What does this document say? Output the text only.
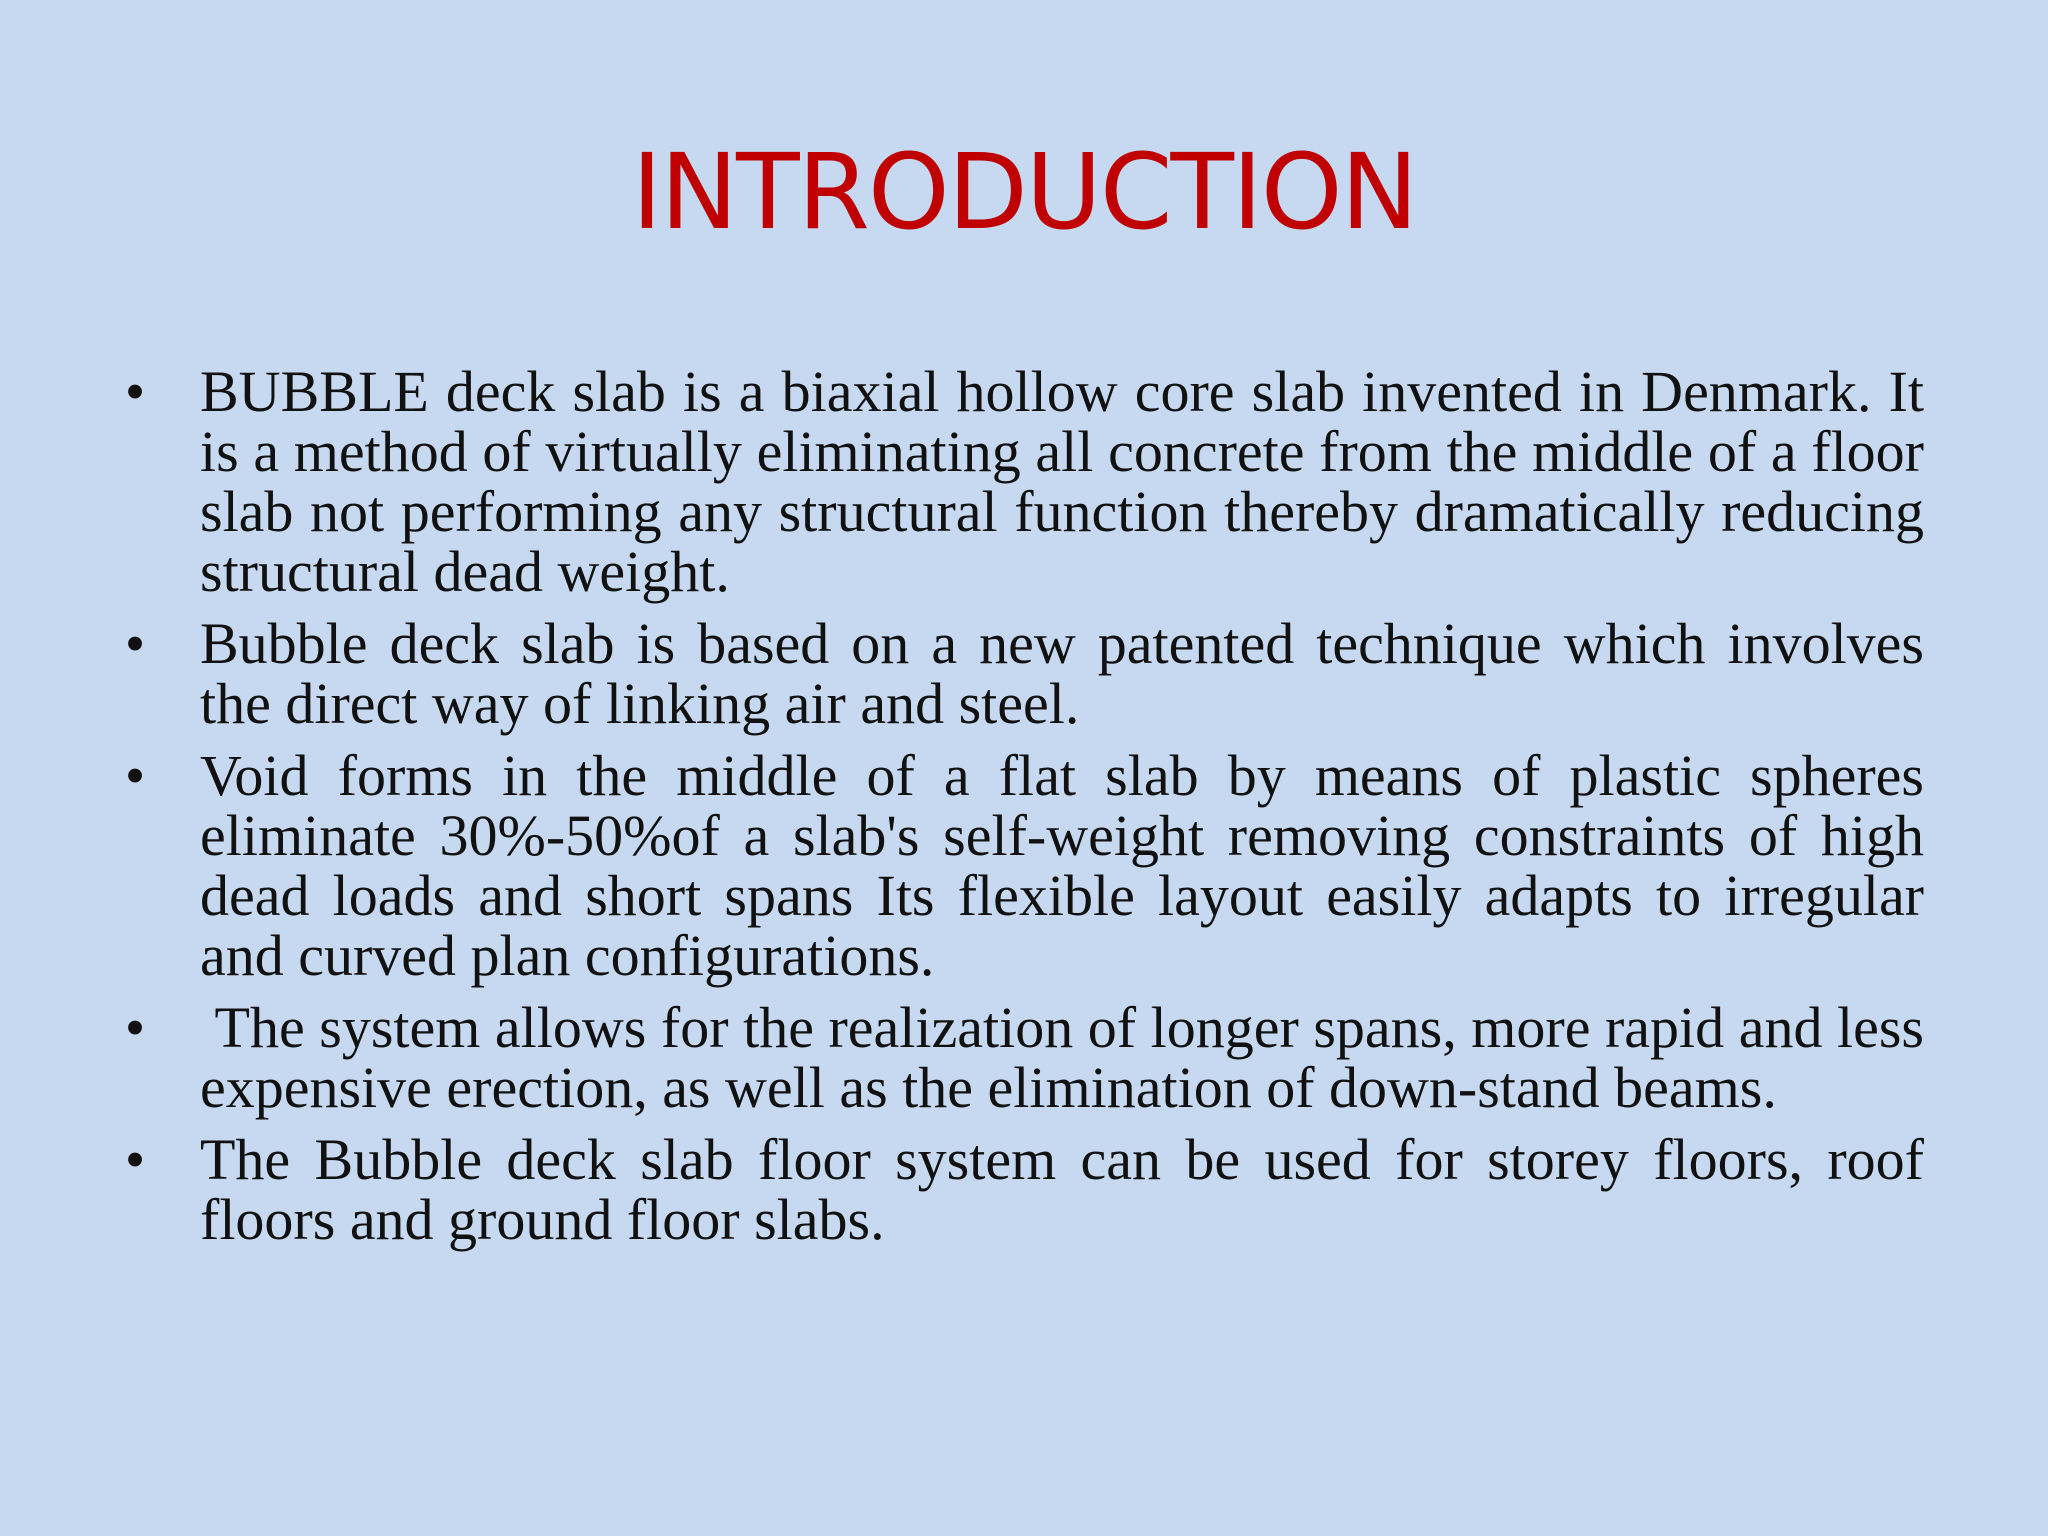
INTRODUCTION
• BUBBLE deck slab is a biaxial hollow core slab invented in Denmark. It is a method of virtually eliminating all concrete from the middle of a floor slab not performing any structural function thereby dramatically reducing structural dead weight.
• Bubble deck slab is based on a new patented technique which involves the direct way of linking air and steel.
• Void forms in the middle of a flat slab by means of plastic spheres eliminate 30%-50%of a slab's self-weight removing constraints of high dead loads and short spans Its flexible layout easily adapts to irregular and curved plan configurations.
• The system allows for the realization of longer spans, more rapid and less expensive erection, as well as the elimination of down-stand beams.
• The Bubble deck slab floor system can be used for storey floors, roof floors and ground floor slabs.
